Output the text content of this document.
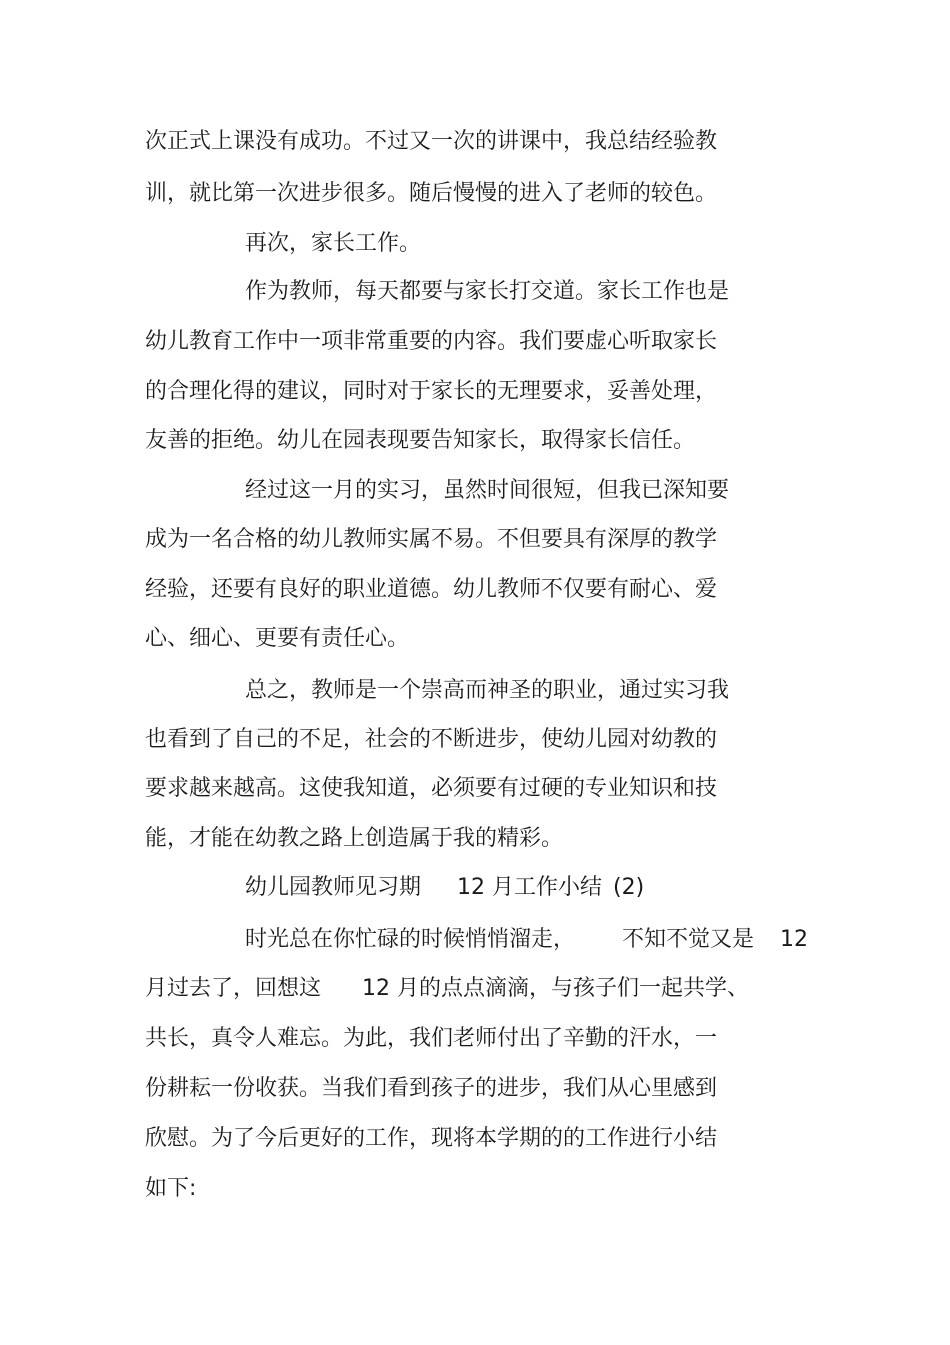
次正式上课没有成功。不过又一次的讲课中，我总结经验教
训，就比第一次进步很多。随后慢慢的进入了老师的较色。
再次，家长工作。
作为教师，每天都要与家长打交道。家长工作也是
幼儿教育工作中一项非常重要的内容。我们要虚心听取家长
的合理化得的建议，同时对于家长的无理要求，妥善处理，
友善的拒绝。幼儿在园表现要告知家长，取得家长信任。
经过这一月的实习，虽然时间很短，但我已深知要
成为一名合格的幼儿教师实属不易。不但要具有深厚的教学
经验，还要有良好的职业道德。幼儿教师不仅要有耐心、爱
心、细心、更要有责任心。
总之，教师是一个崇高而神圣的职业，通过实习我
也看到了自己的不足，社会的不断进步，使幼儿园对幼教的
要求越来越高。这使我知道，必须要有过硬的专业知识和技
能，才能在幼教之路上创造属于我的精彩。
幼儿园教师见习期 12 月工作小结 (2)
时光总在你忙碌的时候悄悄溜走， 不知不觉又是 12
月过去了，回想这 12 月的点点滴滴，与孩子们一起共学、
共长，真令人难忘。为此，我们老师付出了辛勤的汗水，一
份耕耘一份收获。当我们看到孩子的进步，我们从心里感到
欣慰。为了今后更好的工作，现将本学期的的工作进行小结
如下:
